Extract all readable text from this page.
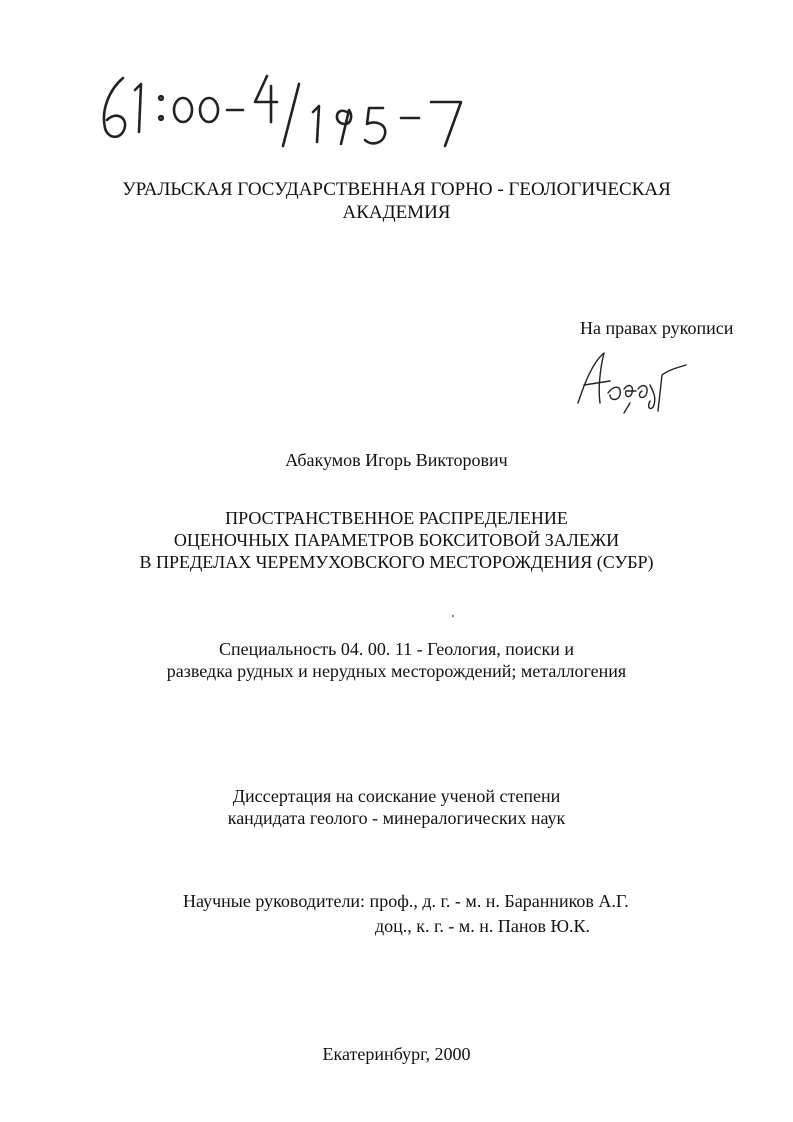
УРАЛЬСКАЯ ГОСУДАРСТВЕННАЯ ГОРНО - ГЕОЛОГИЧЕСКАЯ
АКАДЕМИЯ
На правах рукописи
Абакумов Игорь Викторович
ПРОСТРАНСТВЕННОЕ РАСПРЕДЕЛЕНИЕ
ОЦЕНОЧНЫХ ПАРАМЕТРОВ БОКСИТОВОЙ ЗАЛЕЖИ
В ПРЕДЕЛАХ ЧЕРЕМУХОВСКОГО МЕСТОРОЖДЕНИЯ (СУБР)
Специальность 04. 00. 11 - Геология, поиски и
разведка рудных и нерудных месторождений; металлогения
Диссертация на соискание ученой степени
кандидата геолого - минералогических наук
Научные руководители: проф., д. г. - м. н. Баранников А.Г.
доц., к. г. - м. н. Панов Ю.К.
Екатеринбург, 2000
